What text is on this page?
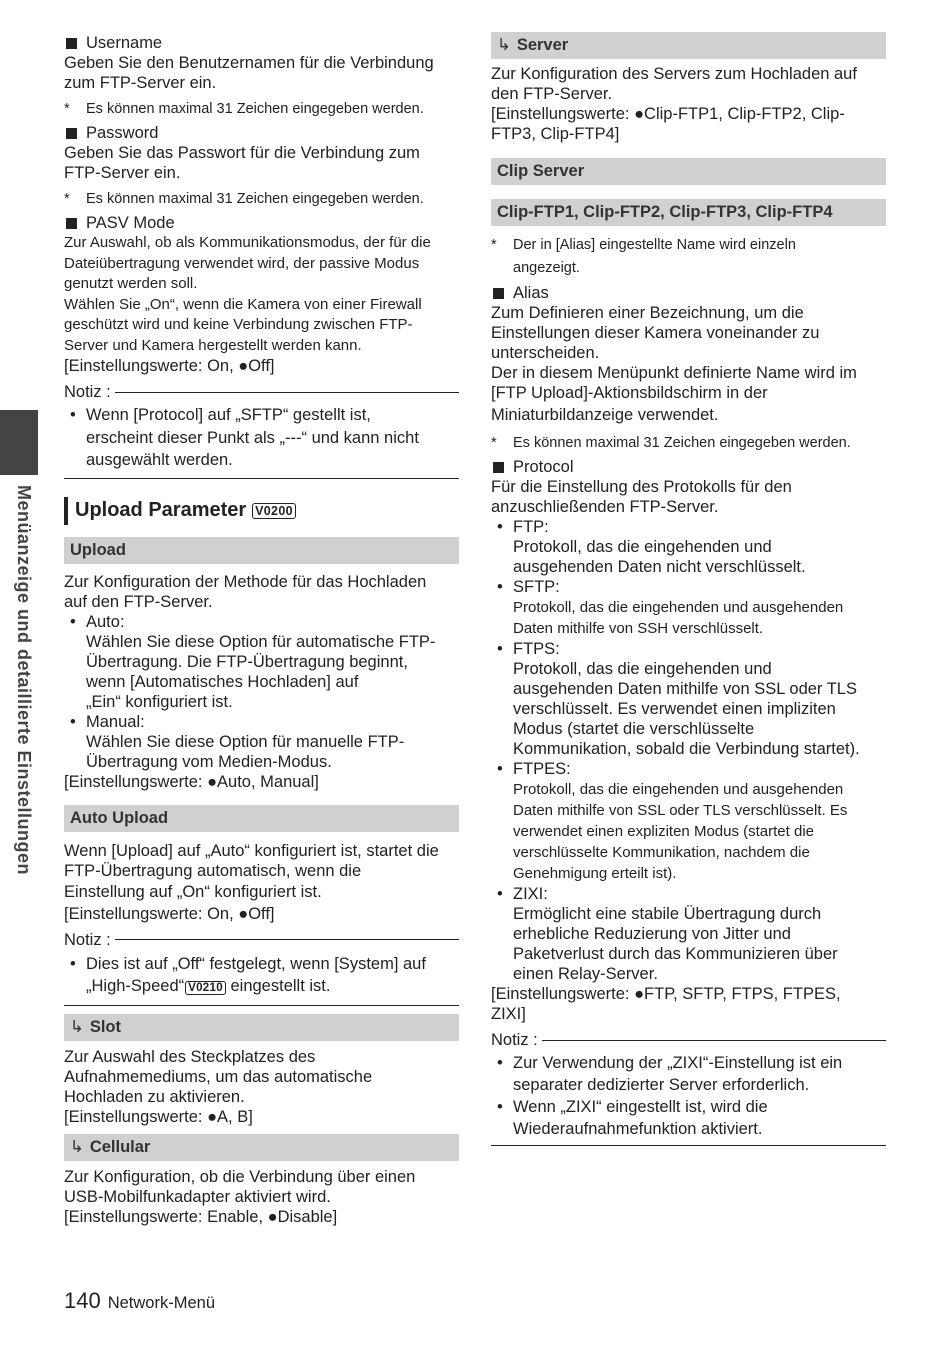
Menüanzeige und detaillierte Einstellungen
Username

Geben Sie den Benutzernamen für die Verbindung

zum FTP-Server ein.

*	Es können maximal 31 Zeichen eingegeben werden.
Password

Geben Sie das Passwort für die Verbindung zum

FTP-Server ein.

*	Es können maximal 31 Zeichen eingegeben werden.
PASV Mode

Zur Auswahl, ob als Kommunikationsmodus, der für die

Dateiübertragung verwendet wird, der passive Modus

genutzt werden soll.

Wählen Sie „On“, wenn die Kamera von einer Firewall

geschützt wird und keine Verbindung zwischen FTP-

Server und Kamera hergestellt werden kann.

[Einstellungswerte: On, ●Off]

Notiz :
• Wenn [Protocol] auf „SFTP“ gestellt ist,
erscheint dieser Punkt als „---“ und kann nicht
ausgewählt werden.
Upload Parameter V0200
Upload

Zur Konfiguration der Methode für das Hochladen

auf den FTP-Server.

• Auto:
Wählen Sie diese Option für automatische FTP-
Übertragung. Die FTP-Übertragung beginnt,
wenn [Automatisches Hochladen] auf
„Ein“ konfiguriert ist.
• Manual:
Wählen Sie diese Option für manuelle FTP-
Übertragung vom Medien-Modus.

[Einstellungswerte: ●Auto, Manual]

Auto Upload

Wenn [Upload] auf „Auto“ konfiguriert ist, startet die

FTP-Übertragung automatisch, wenn die

Einstellung auf „On“ konfiguriert ist.

[Einstellungswerte: On, ●Off]

Notiz :
• Dies ist auf „Off“ festgelegt, wenn [System] auf
„High-Speed“ V0210 eingestellt ist.
↳ Slot

Zur Auswahl des Steckplatzes des

Aufnahmemediums, um das automatische

Hochladen zu aktivieren.

[Einstellungswerte: ●A, B]

↳ Cellular

Zur Konfiguration, ob die Verbindung über einen

USB-Mobilfunkadapter aktiviert wird.

[Einstellungswerte: Enable, ●Disable]

↳ Server

Zur Konfiguration des Servers zum Hochladen auf

den FTP-Server.

[Einstellungswerte: ●Clip-FTP1, Clip-FTP2, Clip-

FTP3, Clip-FTP4]

Clip Server
Clip-FTP1, Clip-FTP2, Clip-FTP3, Clip-FTP4
*	Der in [Alias] eingestellte Name wird einzeln
angezeigt.
Alias

Zum Definieren einer Bezeichnung, um die

Einstellungen dieser Kamera voneinander zu

unterscheiden.

Der in diesem Menüpunkt definierte Name wird im

[FTP Upload]-Aktionsbildschirm in der

Miniaturbildanzeige verwendet.

*	Es können maximal 31 Zeichen eingegeben werden.
Protocol

Für die Einstellung des Protokolls für den

anzuschließenden FTP-Server.

• FTP:
Protokoll, das die eingehenden und
ausgehenden Daten nicht verschlüsselt.
• SFTP:
Protokoll, das die eingehenden und ausgehenden
Daten mithilfe von SSH verschlüsselt.
• FTPS:
Protokoll, das die eingehenden und
ausgehenden Daten mithilfe von SSL oder TLS
verschlüsselt. Es verwendet einen impliziten
Modus (startet die verschlüsselte
Kommunikation, sobald die Verbindung startet).
• FTPES:
Protokoll, das die eingehenden und ausgehenden
Daten mithilfe von SSL oder TLS verschlüsselt. Es
verwendet einen expliziten Modus (startet die
verschlüsselte Kommunikation, nachdem die
Genehmigung erteilt ist).
• ZIXI:
Ermöglicht eine stabile Übertragung durch
erhebliche Reduzierung von Jitter und
Paketverlust durch das Kommunizieren über
einen Relay-Server.

[Einstellungswerte: ●FTP, SFTP, FTPS, FTPES,

ZIXI]

Notiz :
• Zur Verwendung der „ZIXI“-Einstellung ist ein
separater dedizierter Server erforderlich.
• Wenn „ZIXI“ eingestellt ist, wird die
Wiederaufnahmefunktion aktiviert.
140 Network-Menü
